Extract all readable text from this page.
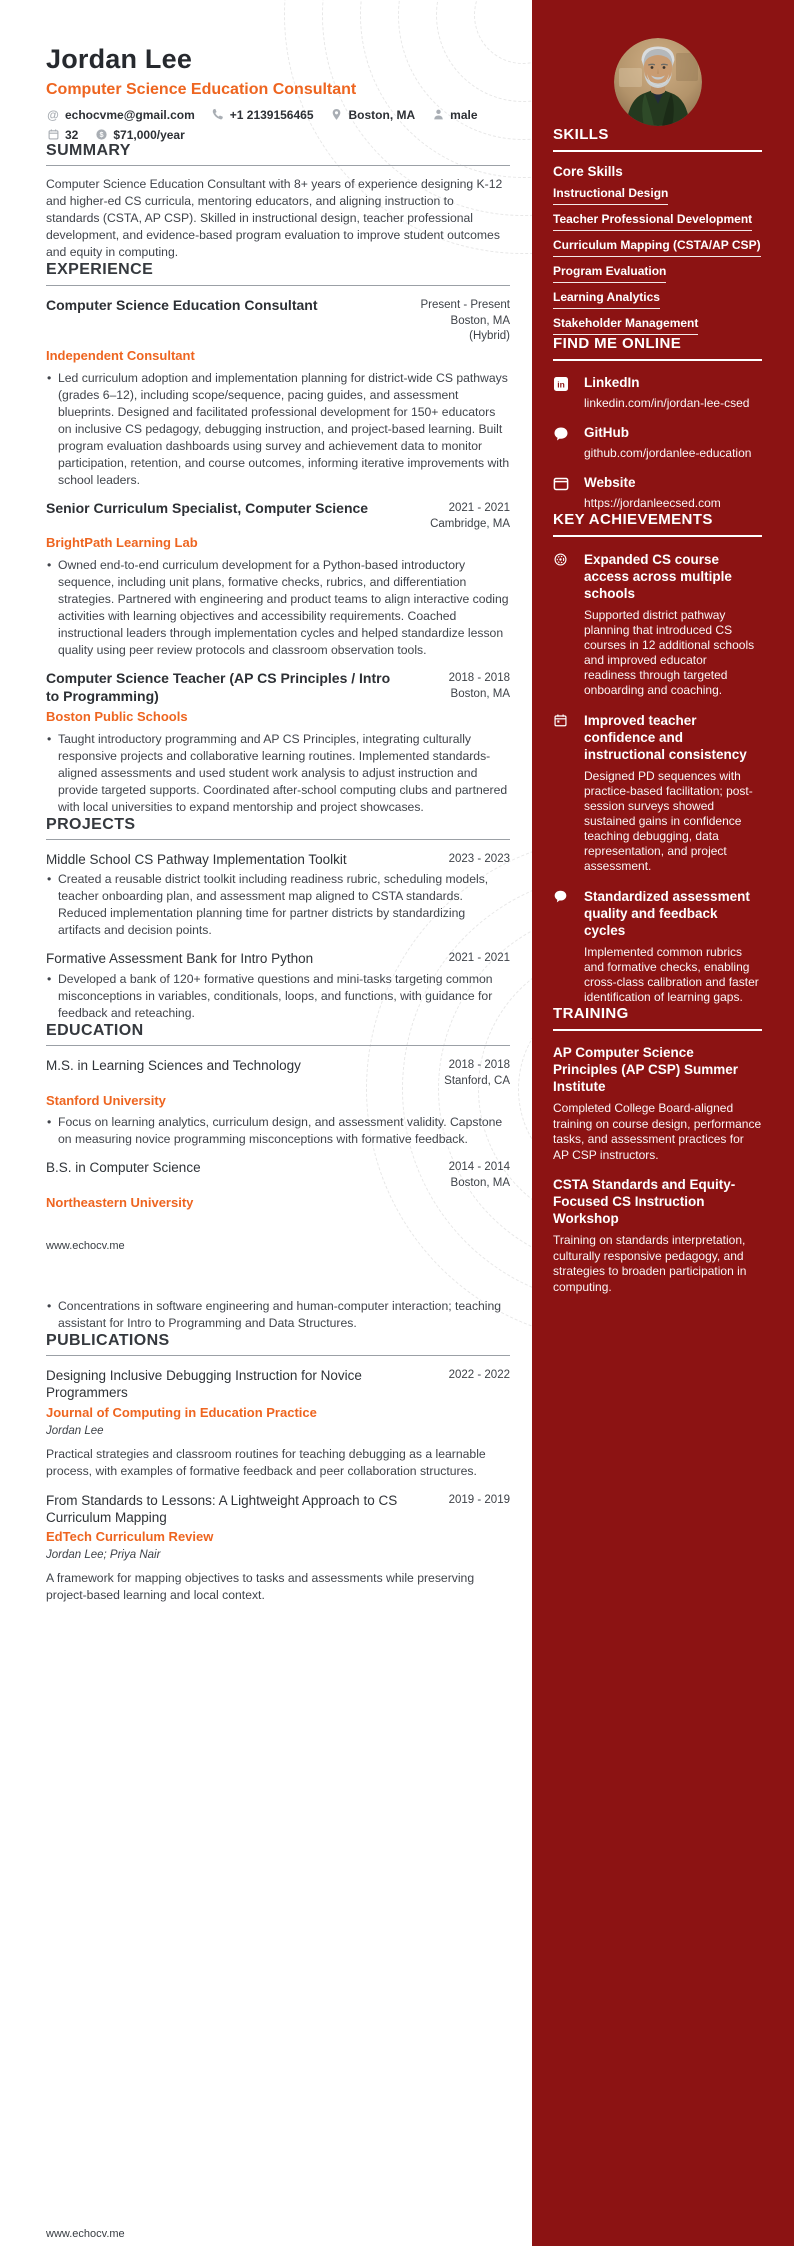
Jordan Lee
Computer Science Education Consultant
@ echocvme@gmail.com	+1 2139156465	Boston, MA	male
32 $ $71,000/year
SUMMARY

Computer Science Education Consultant with 8+ years of experience designing K-12 and higher-ed CS curricula, mentoring educators, and aligning instruction to standards (CSTA, AP CSP). Skilled in instructional design, teacher professional development, and evidence-based program evaluation to improve student outcomes and equity in computing.

EXPERIENCE
Computer Science Education Consultant	Present - Present
Boston, MA (Hybrid)
Independent Consultant
• Led curriculum adoption and implementation planning for district-wide CS pathways (grades 6–12), including scope/sequence, pacing guides, and assessment blueprints. Designed and facilitated professional development for 150+ educators on inclusive CS pedagogy, debugging instruction, and project-based learning. Built program evaluation dashboards using survey and achievement data to monitor participation, retention, and course outcomes, informing iterative improvements with school leaders.
Senior Curriculum Specialist, Computer Science	2021 - 2021
Cambridge, MA
BrightPath Learning Lab
• Owned end-to-end curriculum development for a Python-based introductory sequence, including unit plans, formative checks, rubrics, and differentiation strategies. Partnered with engineering and product teams to align interactive coding activities with learning objectives and accessibility requirements. Coached instructional leaders through implementation cycles and helped standardize lesson quality using peer review protocols and classroom observation tools.
Computer Science Teacher (AP CS Principles / Intro to Programming)
2018 - 2018
Boston, MA
Boston Public Schools
• Taught introductory programming and AP CS Principles, integrating culturally responsive projects and collaborative learning routines. Implemented standards-aligned assessments and used student work analysis to adjust instruction and provide targeted supports. Coordinated after-school computing clubs and partnered with local universities to expand mentorship and project showcases.
PROJECTS
Middle School CS Pathway Implementation Toolkit	2023 - 2023
• Created a reusable district toolkit including readiness rubric, scheduling models, teacher onboarding plan, and assessment map aligned to CSTA standards. Reduced implementation planning time for partner districts by standardizing artifacts and decision points.
Formative Assessment Bank for Intro Python	2021 - 2021
• Developed a bank of 120+ formative questions and mini-tasks targeting common misconceptions in variables, conditionals, loops, and functions, with guidance for feedback and reteaching.
EDUCATION
M.S. in Learning Sciences and Technology	2018 - 2018
Stanford, CA
Stanford University
• Focus on learning analytics, curriculum design, and assessment validity. Capstone on measuring novice programming misconceptions with formative feedback.
B.S. in Computer Science	2014 - 2014
Boston, MA
Northeastern University
www.echocv.me
• Concentrations in software engineering and human-computer interaction; teaching assistant for Intro to Programming and Data Structures.
PUBLICATIONS
Designing Inclusive Debugging Instruction for Novice Programmers
2022 - 2022
Journal of Computing in Education Practice
Jordan Lee

Practical strategies and classroom routines for teaching debugging as a learnable process, with examples of formative feedback and peer collaboration structures.

From Standards to Lessons: A Lightweight Approach to CS Curriculum Mapping
2019 - 2019
EdTech Curriculum Review
Jordan Lee; Priya Nair

A framework for mapping objectives to tasks and assessments while preserving project-based learning and local context.

www.echocv.me
SKILLS
Core Skills
Instructional Design
Teacher Professional Development
Curriculum Mapping (CSTA/AP CSP)
Program Evaluation
Learning Analytics
Stakeholder Management
FIND ME ONLINE
in LinkedIn
linkedin.com/in/jordan-lee-csed
GitHub
github.com/jordanlee-education
Website
https://jordanleecsed.com
KEY ACHIEVEMENTS
Expanded CS course access across multiple schools
Supported district pathway planning that introduced CS courses in 12 additional schools and improved educator readiness through targeted onboarding and coaching.
Improved teacher confidence and instructional consistency
Designed PD sequences with practice-based facilitation; post-session surveys showed sustained gains in confidence teaching debugging, data representation, and project assessment.
Standardized assessment quality and feedback cycles
Implemented common rubrics and formative checks, enabling cross-class calibration and faster identification of learning gaps.
TRAINING
AP Computer Science Principles (AP CSP) Summer Institute
Completed College Board-aligned training on course design, performance tasks, and assessment practices for AP CSP instructors.
CSTA Standards and Equity-Focused CS Instruction Workshop
Training on standards interpretation, culturally responsive pedagogy, and strategies to broaden participation in computing.
